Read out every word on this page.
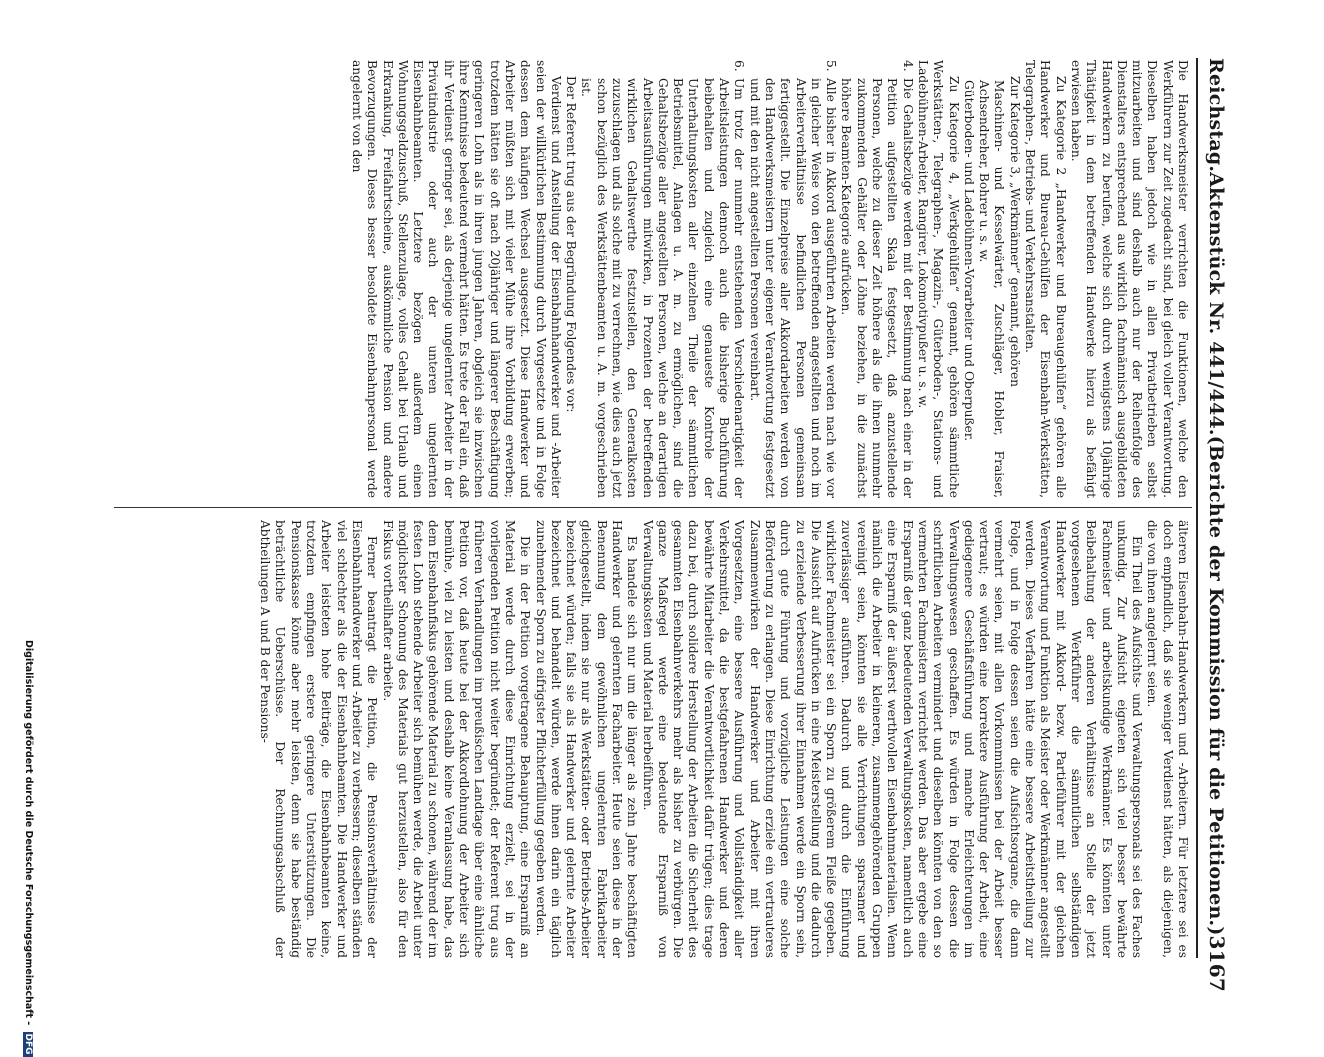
Reichstag.
Aktenstück Nr. 441/444.
(Berichte der Kommission für die Petitionen.)
3167

Die Handwerksmeister verrichten die Funktionen, welche den Werkführern zur Zeit zugedacht sind, bei gleich voller Verantwortung. Dieselben haben jedoch wie in allen Privatbetrieben selbst mitzuarbeiten und sind deshalb auch nur der Reihenfolge des Dienstalters entsprechend aus wirklich fachmännisch ausgebildeten Handwerkern zu berufen, welche sich durch wenigstens 10jährige Thätigkeit in dem betreffenden Handwerke hierzu als befähigt erwiesen haben.

Zu Kategorie 2 „Handwerker und Bureaugehülfen“ gehören alle Handwerker und Bureau-Gehülfen der Eisenbahn-Werkstätten, Telegraphen-, Betriebs- und Verkehrsanstalten.

Zur Kategorie 3, „Werkmänner“ genannt, gehören

Maschinen- und Kesselwärter, Zuschläger, Hobler, Fraiser, Achsendreher, Bohrer u. s. w.

Güterboden- und Ladebühnen-Vorarbeiter und Oberpußer.

Zu Kategorie 4, „Werkgehülfen“ genannt, gehören sämmtliche Werkstätten-, Telegraphen-, Magazin-, Güterboden-, Stations- und Ladebühnen-Arbeiter, Rangirer, Lokomotivpußer u. s. w.

4.
Die Gehaltsbezüge werden mit der Bestimmung nach einer in der Petition aufgestellten Skala festgesetzt, daß anzustellende Personen, welche zu dieser Zeit höhere als die ihnen nunmehr zukommenden Gehälter oder Löhne beziehen, in die zunächst höhere Beamten-Kategorie aufrücken.

5.
Alle bisher in Akkord ausgeführten Arbeiten werden nach wie vor in gleicher Weise von den betreffenden angestellten und noch im Arbeiterverhältnisse befindlichen Personen gemeinsam fertiggestellt. Die Einzelpreise aller Akkordarbeiten werden von den Handwerksmeistern unter eigener Verantwortung festgesetzt und mit den nicht angestellten Personen vereinbart.

6.
Um trotz der nunmehr entstehenden Verschiedenartigkeit der Arbeitsleistungen dennoch auch die bisherige Buchführung beibehalten und zugleich eine genaueste Kontrole der Unterhaltungskosten aller einzelnen Theile der sämmtlichen Betriebsmittel, Anlagen u. A. m. zu ermöglichen, sind die Gehaltsbezüge aller angestellten Personen, welche an derartigen Arbeitsausführungen mitwirken, in Prozenten der betreffenden wirklichen Gehaltswerthe festzustellen, den Generalkosten zuzuschlagen und als solche mit zu verrechnen, wie dies auch jetzt schon bezüglich des Werkstättenbeamten u. A. m. vorgeschrieben ist.

Der Referent trug aus der Begründung Folgendes vor:

Verdienst und Anstellung der Eisenbahnhandwerker und -Arbeiter seien der willkürlichen Bestimmung durch Vorgesetzte und in Folge dessen dem häufigen Wechsel ausgesetzt. Diese Handwerker und Arbeiter müßten sich mit vieler Mühe ihre Vorbildung erwerben; trotzdem hätten sie oft nach 20jähriger und längerer Beschäftigung geringeren Lohn als in ihren jungen Jahren, obgleich sie inzwischen ihre Kenntnisse bedeutend vermehrt hätten. Es trete der Fall ein, daß ihr Verdienst geringer sei, als derjenige ungelernter Arbeiter in der Privatindustrie oder auch der unteren ungelernten Eisenbahnbeamten. Letztere bezögen außerdem einen Wohnungsgeldzuschuß, Stellenzulage, volles Gehalt bei Urlaub und Erkrankung, Freifahrtscheine, auskömmliche Pension und andere Bevorzugungen. Dieses besser besoldete Eisenbahnpersonal werde angelernt von den

älteren Eisenbahn-Handwerkern und -Arbeitern. Für letztere sei es doch empfindlich, daß sie weniger Verdienst hätten, als diejenigen, die von ihnen angelernt seien.

Ein Theil des Aufsichts- und Verwaltungspersonals sei des Faches unkundig. Zur Aufsicht eigneten sich viel besser bewährte Fachmeister und arbeitskundige Werkmänner. Es könnten unter Beibehaltung der anderen Verhältnisse an Stelle der jetzt vorgesehenen Werkführer die sämmtlichen selbständigen Handwerker mit Akkord- bezw. Partieführer mit der gleichen Verantwortung und Funktion als Meister oder Werkmänner angestellt werden. Dieses Verfahren hätte eine bessere Arbeitstheilung zur Folge, und in Folge dessen seien die Aufsichtsorgane, die dann vermehrt seien, mit allen Vorkommnissen bei der Arbeit besser vertraut; es würden eine korrektere Ausführung der Arbeit, eine gediegenere Geschäftsführung und manche Erleichterungen im Verwaltungswesen geschaffen. Es würden in Folge dessen die schriftlichen Arbeiten vermindert und dieselben könnten von den so vermehrten Fachmeistern verrichtet werden. Das aber ergebe eine Ersparniß der ganz bedeutenden Verwaltungskosten, namentlich auch eine Ersparniß der äußerst werthvollen Eisenbahnmaterialien. Wenn nämlich die Arbeiter in kleineren, zusammengehörenden Gruppen vereinigt seien, könnten sie alle Verrichtungen sparsamer und zuverlässiger ausführen. Dadurch und durch die Einführung wirklicher Fachmeister sei ein Sporn zu größerem Fleiße gegeben. Die Aussicht auf Aufrücken in eine Meisterstellung und die dadurch zu erzielende Verbesserung ihrer Einnahmen werde ein Sporn sein, durch gute Führung und vorzügliche Leistungen eine solche Beförderung zu erlangen. Diese Einrichtung erziele ein vertrauteres Zusammenwirken der Handwerker und Arbeiter mit ihren Vorgesetzten, eine bessere Ausführung und Vollständigkeit aller Verkehrsmittel, da die bestgefahrenen Handwerker und deren bewährte Mitarbeiter die Verantwortlichkeit dafür trügen; dies trage dazu bei, durch solidere Herstellung der Arbeiten die Sicherheit des gesammten Eisenbahnverkehrs mehr als bisher zu verbürgen. Die ganze Maßregel werde eine bedeutende Ersparniß von Verwaltungskosten und Material herbeiführen.

Es handele sich nur um die länger als zehn Jahre beschäftigten Handwerker und gelernten Facharbeiter. Heute seien diese in der Benennung dem gewöhnlichen ungelernten Fabrikarbeiter gleichgestellt, indem sie nur als Werkstätten- oder Betriebs-Arbeiter bezeichnet würden; falls sie als Handwerker und gelernte Arbeiter bezeichnet und behandelt würden, werde ihnen darin ein täglich zunehmender Sporn zu eifrigster Pflichterfüllung gegeben werden.

Die in der Petition vorgetragene Behauptung, eine Ersparniß an Material werde durch diese Einrichtung erzielt, sei in der vorliegenden Petition nicht weiter begründet; der Referent trug aus früheren Verhandlungen im preußischen Landtage über eine ähnliche Petition vor, daß heute bei der Akkordlohnung der Arbeiter sich bemühe, viel zu leisten und deshalb keine Veranlassung habe, das dem Eisenbahnfiskus gehörende Material zu schonen, während der im festen Lohn stehende Arbeiter sich bemühen werde, die Arbeit unter möglichster Schonung des Materials gut herzustellen, also für den Fiskus vortheilhafter arbeite.

Ferner beantragt die Petition, die Pensionsverhältnisse der Eisenbahnhandwerker und -Arbeiter zu verbessern; dieselben ständen viel schlechter als die der Eisenbahnbeamten. Die Handwerker und Arbeiter leisteten hohe Beiträge, die Eisenbahnbeamten keine, trotzdem empfingen erstere geringere Unterstützungen. Die Pensionskasse könne aber mehr leisten, denn sie habe beständig beträchtliche Ueberschüsse. Der Rechnungsabschluß der Abtheilungen A und B der Pensions-

Digitalisierung gefördert durch die Deutsche Forschungsgemeinschaft - DFG
